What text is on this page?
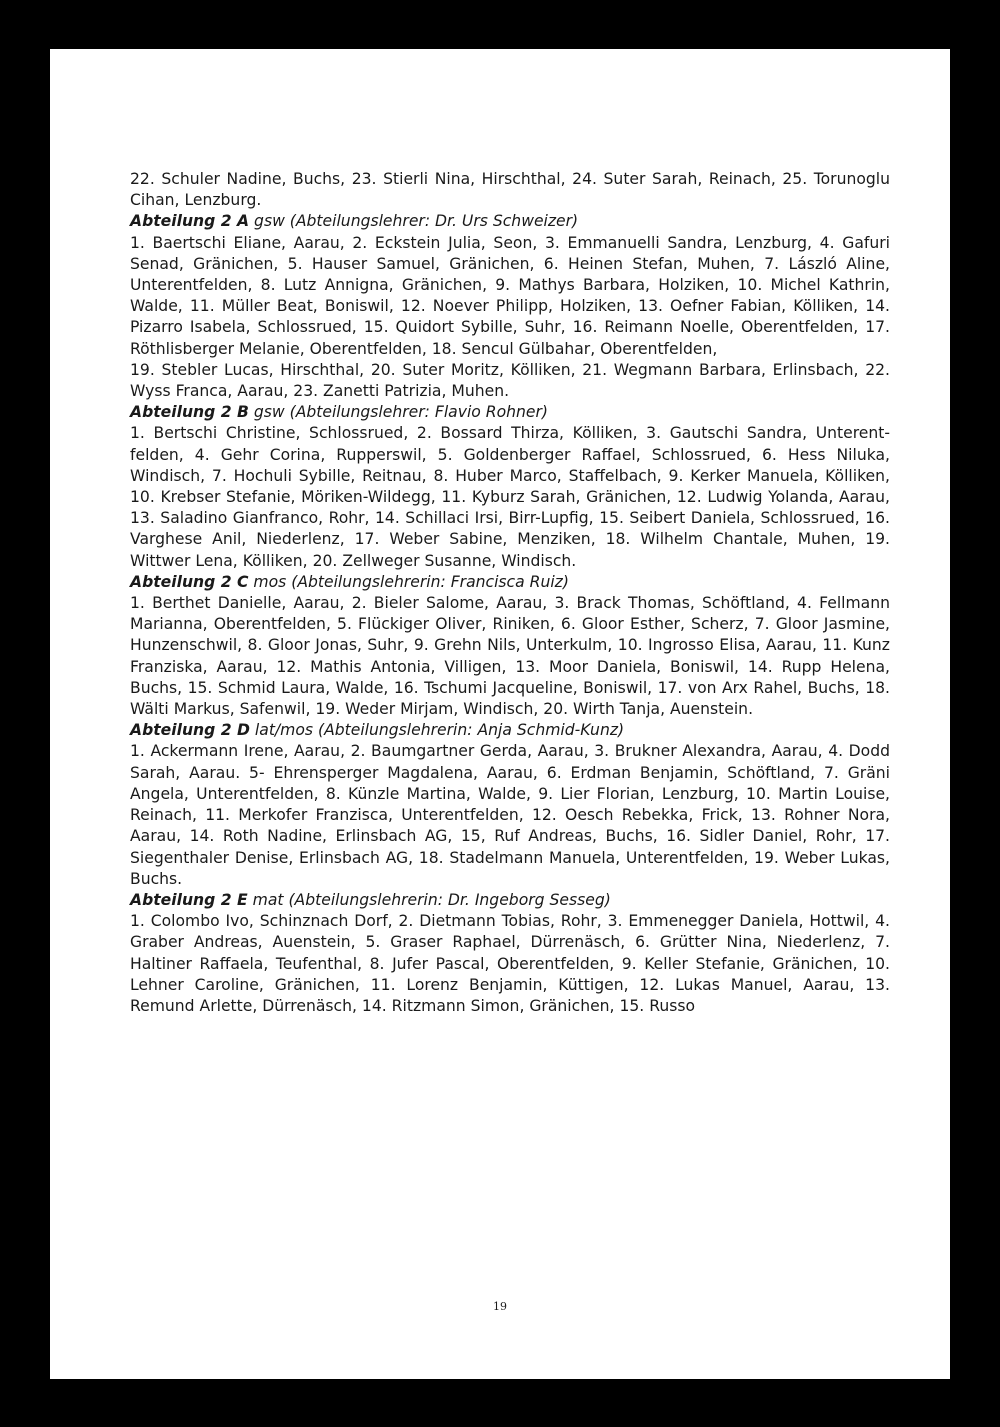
22. Schuler Nadine, Buchs, 23. Stierli Nina, Hirschthal, 24. Suter Sarah, Reinach, 25. Torunoglu Cihan, Lenzburg.

Abteilung 2 A gsw (Abteilungslehrer: Dr. Urs Schweizer)

1. Baertschi Eliane, Aarau, 2. Eckstein Julia, Seon, 3. Emmanuelli Sandra, Lenzburg, 4. Gafuri Senad, Gränichen, 5. Hauser Samuel, Gränichen, 6. Heinen Stefan, Muhen, 7. László Aline, Unterentfelden, 8. Lutz Annigna, Gränichen, 9. Mathys Barbara, Holziken, 10. Michel Kathrin, Walde, 11. Müller Beat, Boniswil, 12. Noever Philipp, Holziken, 13. Oefner Fabian, Kölliken, 14. Pizarro Isabela, Schlossrued, 15. Quidort Sybille, Suhr, 16. Reimann Noelle, Oberentfelden, 17. Röthlisberger Melanie, Oberentfelden, 18. Sencul Gülbahar, Oberentfelden,

19. Stebler Lucas, Hirschthal, 20. Suter Moritz, Kölliken, 21. Wegmann Barbara, Erlinsbach, 22. Wyss Franca, Aarau, 23. Zanetti Patrizia, Muhen.

Abteilung 2 B gsw (Abteilungslehrer: Flavio Rohner)

1. Bertschi Christine, Schlossrued, 2. Bossard Thirza, Kölliken, 3. Gautschi Sandra, Unterentfelden, 4. Gehr Corina, Rupperswil, 5. Goldenberger Raffael, Schlossrued, 6. Hess Niluka, Windisch, 7. Hochuli Sybille, Reitnau, 8. Huber Marco, Staffelbach, 9. Kerker Manuela, Kölliken, 10. Krebser Stefanie, Möriken-Wildegg, 11. Kyburz Sarah, Gränichen, 12. Ludwig Yolanda, Aarau, 13. Saladino Gianfranco, Rohr, 14. Schillaci Irsi, Birr-Lupfig, 15. Seibert Daniela, Schlossrued, 16. Varghese Anil, Niederlenz, 17. Weber Sabine, Menziken, 18. Wilhelm Chantale, Muhen, 19. Wittwer Lena, Kölliken, 20. Zellweger Susanne, Windisch.

Abteilung 2 C mos (Abteilungslehrerin: Francisca Ruiz)

1. Berthet Danielle, Aarau, 2. Bieler Salome, Aarau, 3. Brack Thomas, Schöftland, 4. Fellmann Marianna, Oberentfelden, 5. Flückiger Oliver, Riniken, 6. Gloor Esther, Scherz, 7. Gloor Jasmine, Hunzenschwil, 8. Gloor Jonas, Suhr, 9. Grehn Nils, Unterkulm, 10. Ingrosso Elisa, Aarau, 11. Kunz Franziska, Aarau, 12. Mathis Antonia, Villigen, 13. Moor Daniela, Boniswil, 14. Rupp Helena, Buchs, 15. Schmid Laura, Walde, 16. Tschumi Jacqueline, Boniswil, 17. von Arx Rahel, Buchs, 18. Wälti Markus, Safenwil, 19. Weder Mirjam, Windisch, 20. Wirth Tanja, Auenstein.

Abteilung 2 D lat/mos (Abteilungslehrerin: Anja Schmid-Kunz)

1. Ackermann Irene, Aarau, 2. Baumgartner Gerda, Aarau, 3. Brukner Alexandra, Aarau, 4. Dodd Sarah, Aarau. 5- Ehrensperger Magdalena, Aarau, 6. Erdman Benjamin, Schöftland, 7. Gräni Angela, Unterentfelden, 8. Künzle Martina, Walde, 9. Lier Florian, Lenzburg, 10. Martin Louise, Reinach, 11. Merkofer Franzisca, Unterentfelden, 12. Oesch Rebekka, Frick, 13. Rohner Nora, Aarau, 14. Roth Nadine, Erlinsbach AG, 15, Ruf Andreas, Buchs, 16. Sidler Daniel, Rohr, 17. Siegenthaler Denise, Erlinsbach AG, 18. Stadelmann Manuela, Unterentfelden, 19. Weber Lukas, Buchs.

Abteilung 2 E mat (Abteilungslehrerin: Dr. Ingeborg Sesseg)

1. Colombo Ivo, Schinznach Dorf, 2. Dietmann Tobias, Rohr, 3. Emmenegger Daniela, Hottwil, 4. Graber Andreas, Auenstein, 5. Graser Raphael, Dürrenäsch, 6. Grütter Nina, Niederlenz, 7. Haltiner Raffaela, Teufenthal, 8. Jufer Pascal, Oberentfelden, 9. Keller Stefanie, Gränichen, 10. Lehner Caroline, Gränichen, 11. Lorenz Benjamin, Küttigen, 12. Lukas Manuel, Aarau, 13. Remund Arlette, Dürrenäsch, 14. Ritzmann Simon, Gränichen, 15. Russo

19
